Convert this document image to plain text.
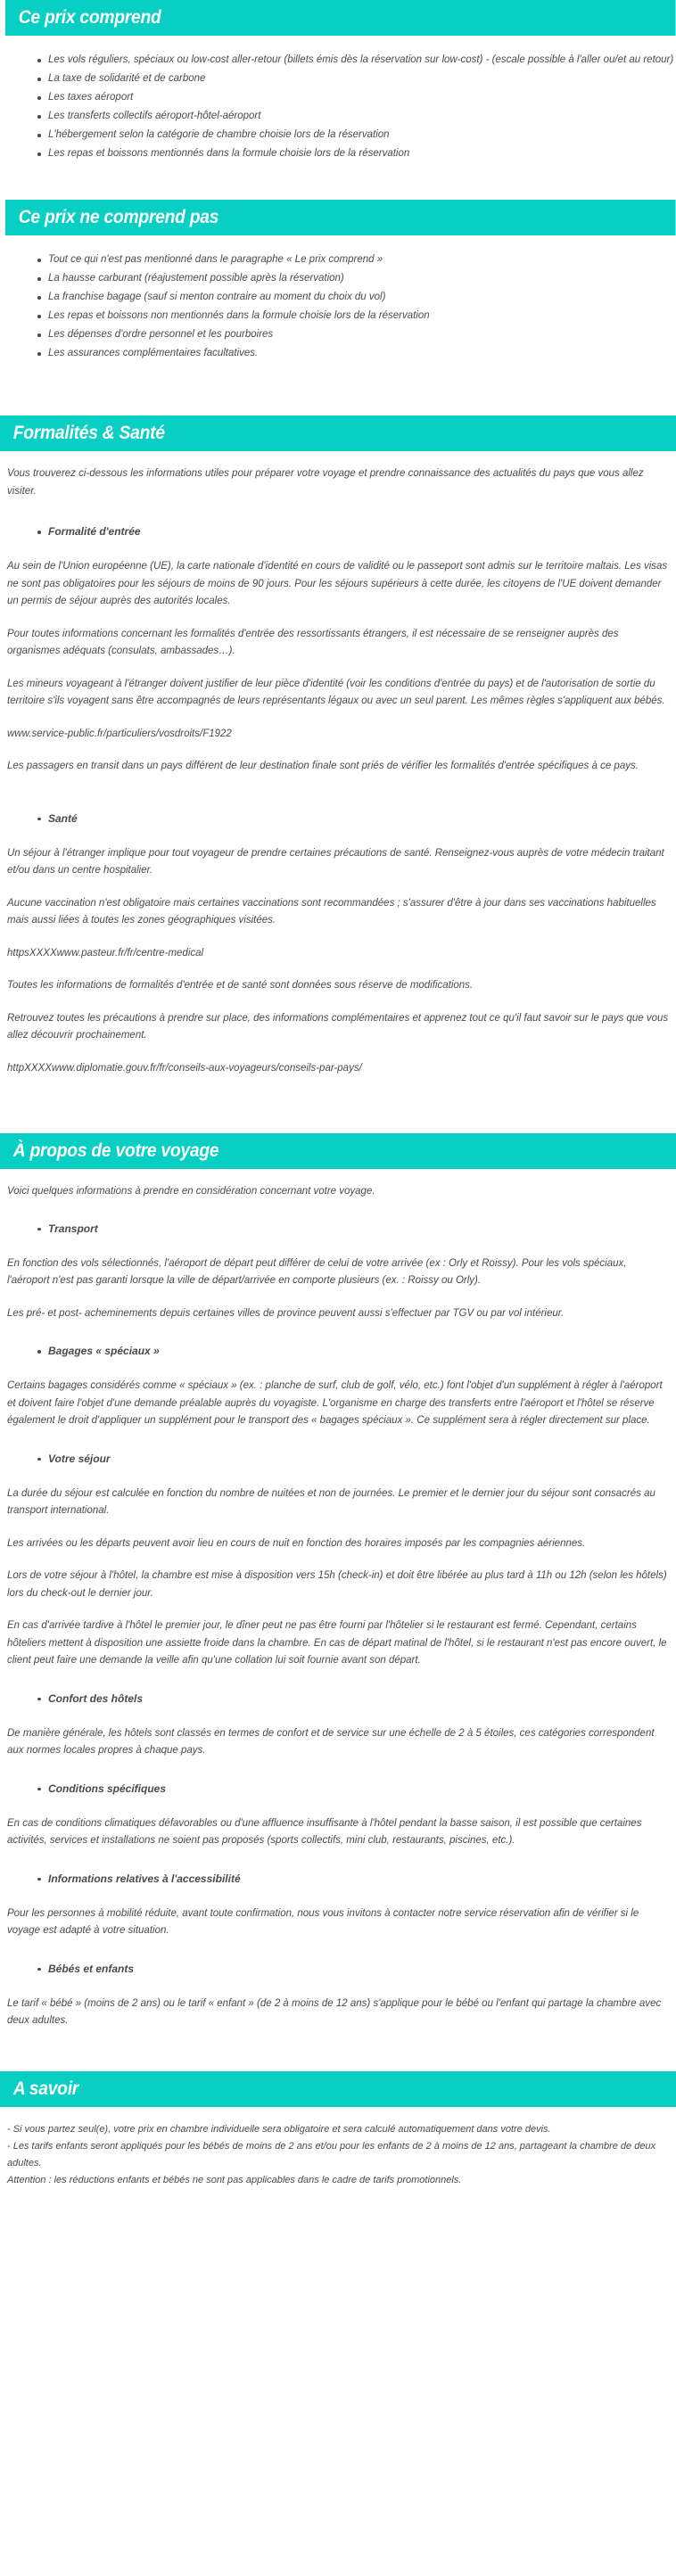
Ce prix comprend
Les vols réguliers, spéciaux ou low-cost aller-retour (billets émis dès la réservation sur low-cost) - (escale possible à l'aller ou/et au retour)
La taxe de solidarité et de carbone
Les taxes aéroport
Les transferts collectifs aéroport-hôtel-aéroport
L'hébergement selon la catégorie de chambre choisie lors de la réservation
Les repas et boissons mentionnés dans la formule choisie lors de la réservation
Ce prix ne comprend pas
Tout ce qui n'est pas mentionné dans le paragraphe « Le prix comprend »
La hausse carburant (réajustement possible après la réservation)
La franchise bagage (sauf si menton contraire au moment du choix du vol)
Les repas et boissons non mentionnés dans la formule choisie lors de la réservation
Les dépenses d'ordre personnel et les pourboires
Les assurances complémentaires facultatives.
Formalités & Santé

Vous trouverez ci-dessous les informations utiles pour préparer votre voyage et prendre connaissance des actualités du pays que vous allez visiter.

Formalité d'entrée

Au sein de l'Union européenne (UE), la carte nationale d'identité en cours de validité ou le passeport sont admis sur le territoire maltais. Les visas ne sont pas obligatoires pour les séjours de moins de 90 jours. Pour les séjours supérieurs à cette durée, les citoyens de l'UE doivent demander un permis de séjour auprès des autorités locales.

Pour toutes informations concernant les formalités d'entrée des ressortissants étrangers, il est nécessaire de se renseigner auprès des organismes adéquats (consulats, ambassades…).

Les mineurs voyageant à l'étranger doivent justifier de leur pièce d'identité (voir les conditions d'entrée du pays) et de l'autorisation de sortie du territoire s'ils voyagent sans être accompagnés de leurs représentants légaux ou avec un seul parent. Les mêmes règles s'appliquent aux bébés.

www.service-public.fr/particuliers/vosdroits/F1922

Les passagers en transit dans un pays différent de leur destination finale sont priés de vérifier les formalités d'entrée spécifiques à ce pays.

Santé

Un séjour à l'étranger implique pour tout voyageur de prendre certaines précautions de santé. Renseignez-vous auprès de votre médecin traitant et/ou dans un centre hospitalier.

Aucune vaccination n'est obligatoire mais certaines vaccinations sont recommandées ; s'assurer d'être à jour dans ses vaccinations habituelles mais aussi liées à toutes les zones géographiques visitées.

httpsXXXXwww.pasteur.fr/fr/centre-medical

Toutes les informations de formalités d'entrée et de santé sont données sous réserve de modifications.

Retrouvez toutes les précautions à prendre sur place, des informations complémentaires et apprenez tout ce qu'il faut savoir sur le pays que vous allez découvrir prochainement.

httpXXXXwww.diplomatie.gouv.fr/fr/conseils-aux-voyageurs/conseils-par-pays/

À propos de votre voyage

Voici quelques informations à prendre en considération concernant votre voyage.

Transport

En fonction des vols sélectionnés, l'aéroport de départ peut différer de celui de votre arrivée (ex : Orly et Roissy). Pour les vols spéciaux, l'aéroport n'est pas garanti lorsque la ville de départ/arrivée en comporte plusieurs (ex. : Roissy ou Orly).

Les pré- et post- acheminements depuis certaines villes de province peuvent aussi s'effectuer par TGV ou par vol intérieur.

Bagages « spéciaux »

Certains bagages considérés comme « spéciaux » (ex. : planche de surf, club de golf, vélo, etc.) font l'objet d'un supplément à régler à l'aéroport et doivent faire l'objet d'une demande préalable auprès du voyagiste. L'organisme en charge des transferts entre l'aéroport et l'hôtel se réserve également le droit d'appliquer un supplément pour le transport des « bagages spéciaux ». Ce supplément sera à régler directement sur place.

Votre séjour

La durée du séjour est calculée en fonction du nombre de nuitées et non de journées. Le premier et le dernier jour du séjour sont consacrés au transport international.

Les arrivées ou les départs peuvent avoir lieu en cours de nuit en fonction des horaires imposés par les compagnies aériennes.

Lors de votre séjour à l'hôtel, la chambre est mise à disposition vers 15h (check-in) et doit être libérée au plus tard à 11h ou 12h (selon les hôtels) lors du check-out le dernier jour.

En cas d'arrivée tardive à l'hôtel le premier jour, le dîner peut ne pas être fourni par l'hôtelier si le restaurant est fermé. Cependant, certains hôteliers mettent à disposition une assiette froide dans la chambre. En cas de départ matinal de l'hôtel, si le restaurant n'est pas encore ouvert, le client peut faire une demande la veille afin qu'une collation lui soit fournie avant son départ.

Confort des hôtels

De manière générale, les hôtels sont classés en termes de confort et de service sur une échelle de 2 à 5 étoiles, ces catégories correspondent aux normes locales propres à chaque pays.

Conditions spécifiques

En cas de conditions climatiques défavorables ou d'une affluence insuffisante à l'hôtel pendant la basse saison, il est possible que certaines activités, services et installations ne soient pas proposés (sports collectifs, mini club, restaurants, piscines, etc.).

Informations relatives à l'accessibilité

Pour les personnes à mobilité réduite, avant toute confirmation, nous vous invitons à contacter notre service réservation afin de vérifier si le voyage est adapté à votre situation.

Bébés et enfants

Le tarif « bébé » (moins de 2 ans) ou le tarif « enfant » (de 2 à moins de 12 ans) s'applique pour le bébé ou l'enfant qui partage la chambre avec deux adultes.

A savoir
- Si vous partez seul(e), votre prix en chambre individuelle sera obligatoire et sera calculé automatiquement dans votre devis.
- Les tarifs enfants seront appliqués pour les bébés de moins de 2 ans et/ou pour les enfants de 2 à moins de 12 ans, partageant la chambre de deux adultes.
Attention : les réductions enfants et bébés ne sont pas applicables dans le cadre de tarifs promotionnels.
